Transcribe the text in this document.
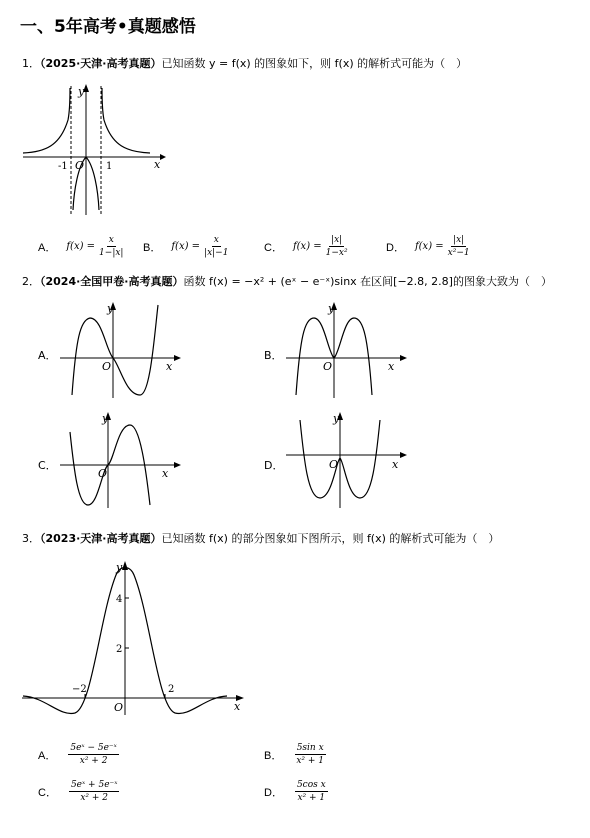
一、5年高考•真题感悟
1．（2025·天津·高考真题）已知函数 y = f(x) 的图象如下，则 f(x) 的解析式可能为（　）
y
x
O
-1	1
A． $f(x) = \frac{x}{1-|x|}$ B． $f(x) = \frac{x}{|x|-1}$	C． $f(x) = \frac{|x|}{\text{1−x²}}$	D． $f(x) = \frac{|x|}{\text{x²−1}}$
2．（2024·全国甲卷·高考真题）函数 f(x) = −x² + (eˣ − e⁻ˣ)sinx 在区间[−2.8, 2.8]的图象大致为（　）
A．
y
x
O
B．
y
x
O
C．
y
x
O
D．
y
x
O
3．（2023·天津·高考真题）已知函数 f(x) 的部分图象如下图所示，则 f(x) 的解析式可能为（　）
y
x
O
4
2
−2	2
A． $\frac{\text{5eˣ − 5e⁻ˣ}}{\text{x² + 2}}$	B． $\frac{\text{5sin x}}{\text{x² + 1}}$
C． $\frac{\text{5eˣ + 5e⁻ˣ}}{\text{x² + 2}}$	D． $\frac{\text{5cos x}}{\text{x² + 1}}$
